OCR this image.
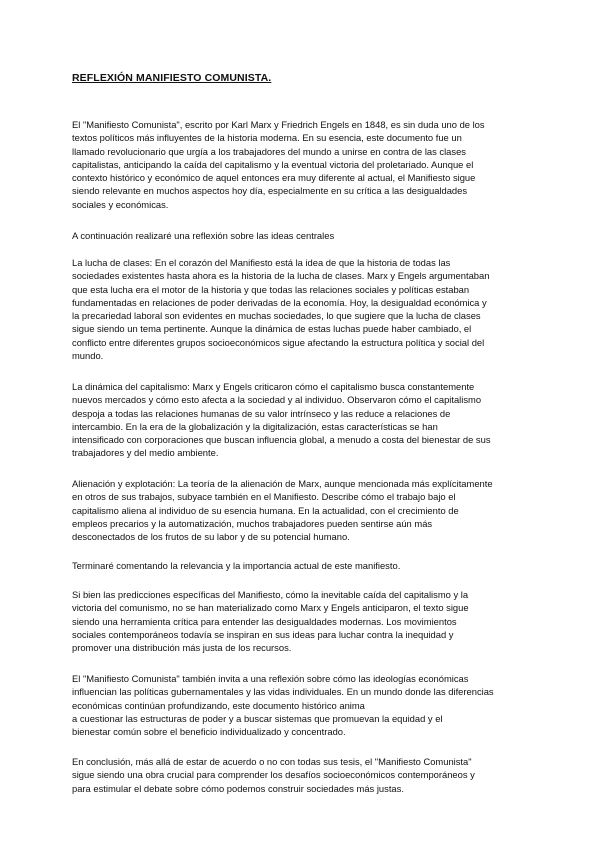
REFLEXIÓN MANIFIESTO COMUNISTA.
El "Manifiesto Comunista", escrito por Karl Marx y Friedrich Engels en 1848, es sin duda uno de los
textos políticos más influyentes de la historia moderna. En su esencia, este documento fue un
llamado revolucionario que urgía a los trabajadores del mundo a unirse en contra de las clases
capitalistas, anticipando la caída del capitalismo y la eventual victoria del proletariado. Aunque el
contexto histórico y económico de aquel entonces era muy diferente al actual, el Manifiesto sigue
siendo relevante en muchos aspectos hoy día, especialmente en su crítica a las desigualdades
sociales y económicas.
A continuación realizaré una reflexión sobre las ideas centrales
La lucha de clases: En el corazón del Manifiesto está la idea de que la historia de todas las
sociedades existentes hasta ahora es la historia de la lucha de clases. Marx y Engels argumentaban
que esta lucha era el motor de la historia y que todas las relaciones sociales y políticas estaban
fundamentadas en relaciones de poder derivadas de la economía. Hoy, la desigualdad económica y
la precariedad laboral son evidentes en muchas sociedades, lo que sugiere que la lucha de clases
sigue siendo un tema pertinente. Aunque la dinámica de estas luchas puede haber cambiado, el
conflicto entre diferentes grupos socioeconómicos sigue afectando la estructura política y social del
mundo.
La dinámica del capitalismo: Marx y Engels criticaron cómo el capitalismo busca constantemente
nuevos mercados y cómo esto afecta a la sociedad y al individuo. Observaron cómo el capitalismo
despoja a todas las relaciones humanas de su valor intrínseco y las reduce a relaciones de
intercambio. En la era de la globalización y la digitalización, estas características se han
intensificado con corporaciones que buscan influencia global, a menudo a costa del bienestar de sus
trabajadores y del medio ambiente.
Alienación y explotación: La teoría de la alienación de Marx, aunque mencionada más explícitamente
en otros de sus trabajos, subyace también en el Manifiesto. Describe cómo el trabajo bajo el
capitalismo aliena al individuo de su esencia humana. En la actualidad, con el crecimiento de
empleos precarios y la automatización, muchos trabajadores pueden sentirse aún más
desconectados de los frutos de su labor y de su potencial humano.
Terminaré comentando la relevancia y la importancia actual de este manifiesto.
Si bien las predicciones específicas del Manifiesto, cómo la inevitable caída del capitalismo y la
victoria del comunismo, no se han materializado como Marx y Engels anticiparon, el texto sigue
siendo una herramienta crítica para entender las desigualdades modernas. Los movimientos
sociales contemporáneos todavía se inspiran en sus ideas para luchar contra la inequidad y
promover una distribución más justa de los recursos.
El "Manifiesto Comunista" también invita a una reflexión sobre cómo las ideologías económicas
influencian las políticas gubernamentales y las vidas individuales. En un mundo donde las diferencias
económicas continúan profundizando, este documento histórico anima
a cuestionar las estructuras de poder y a buscar sistemas que promuevan la equidad y el
bienestar común sobre el beneficio individualizado y concentrado.
En conclusión, más allá de estar de acuerdo o no con todas sus tesis, el "Manifiesto Comunista"
sigue siendo una obra crucial para comprender los desafíos socioeconómicos contemporáneos y
para estimular el debate sobre cómo podemos construir sociedades más justas.
